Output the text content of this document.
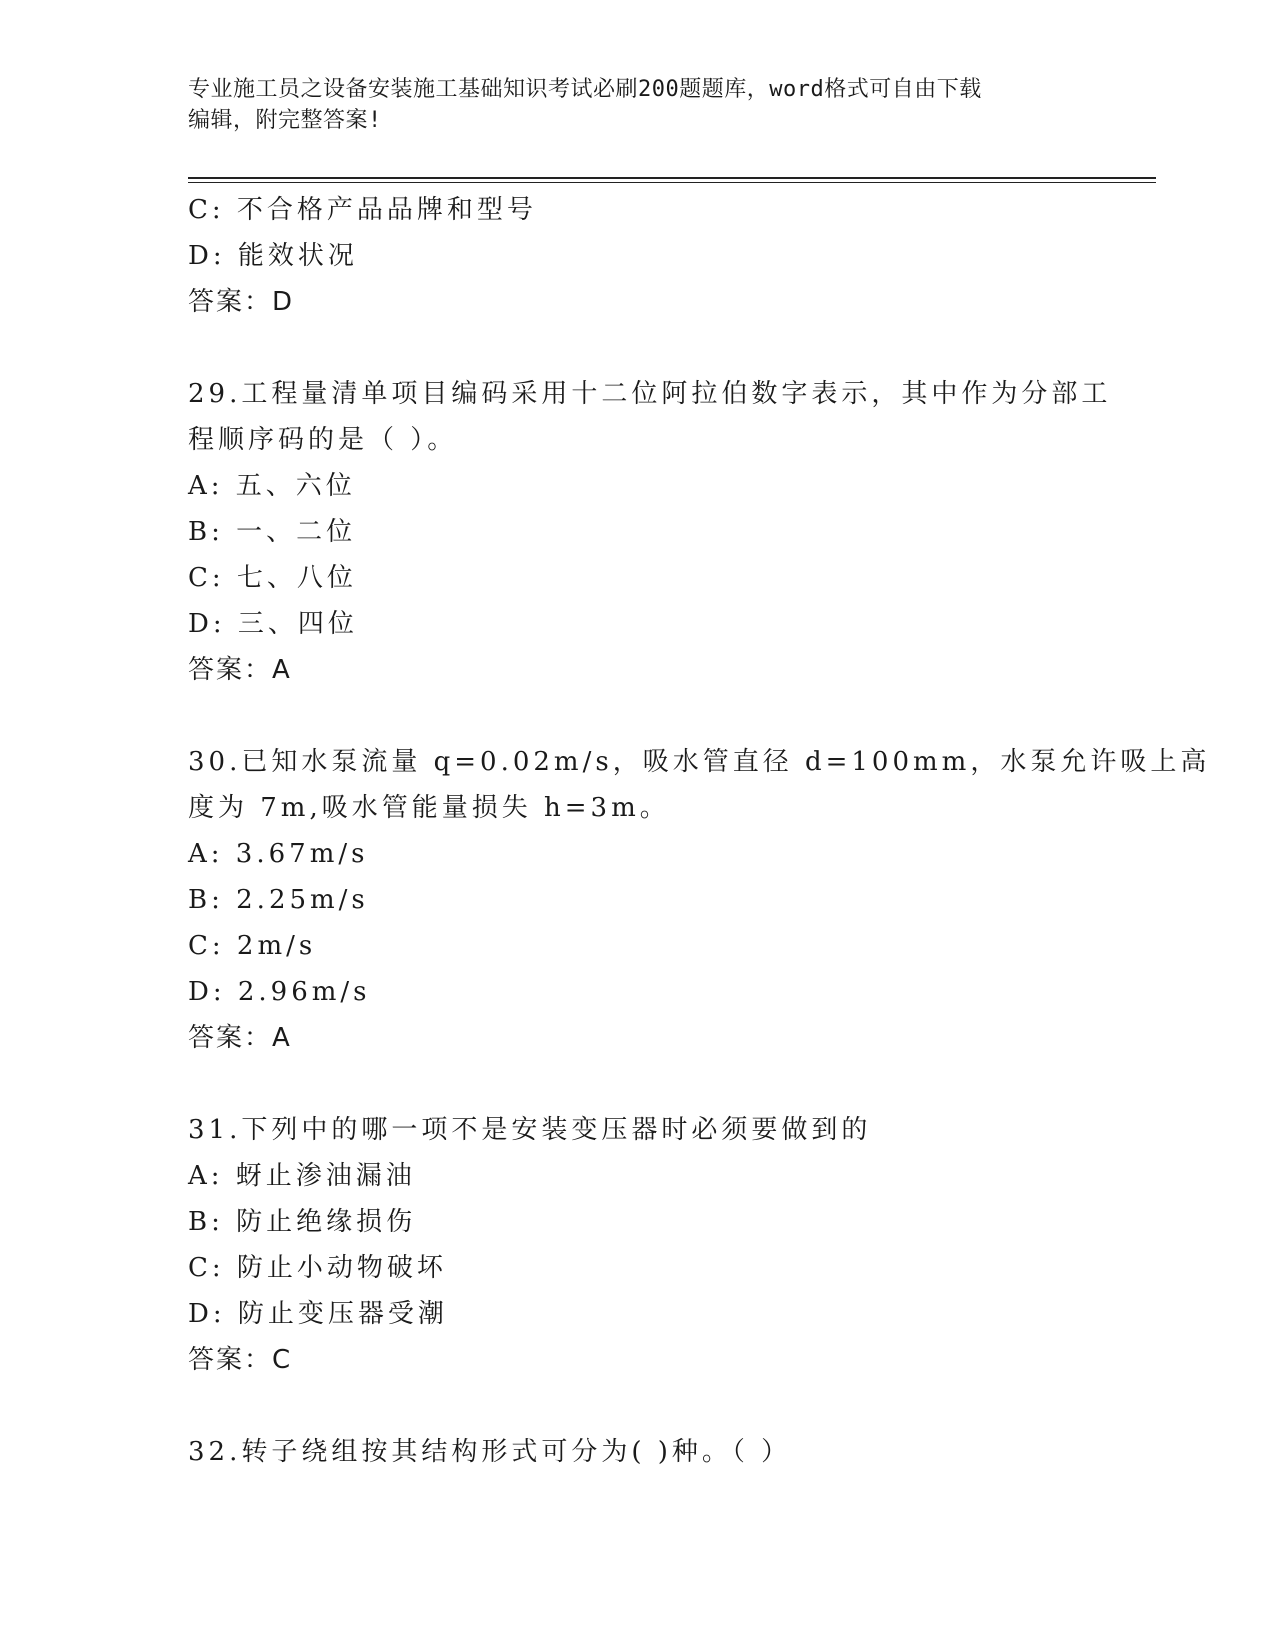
专业施工员之设备安装施工基础知识考试必刷200题题库，word格式可自由下载
编辑，附完整答案!
C: 不合格产品品牌和型号
D: 能效状况
答案：D
29.工程量清单项目编码采用十二位阿拉伯数字表示，其中作为分部工
程顺序码的是（ ）。
A: 五、六位
B: 一、二位
C: 七、八位
D: 三、四位
答案：A
30.已知水泵流量 q=0.02m/s，吸水管直径 d=100mm，水泵允许吸上高
度为 7m,吸水管能量损失 h=3m。
A: 3.67m/s
B: 2.25m/s
C: 2m/s
D: 2.96m/s
答案：A
31.下列中的哪一项不是安装变压器时必须要做到的
A: 蚜止渗油漏油
B: 防止绝缘损伤
C: 防止小动物破坏
D: 防止变压器受潮
答案：C
32.转子绕组按其结构形式可分为( )种。（ ）
